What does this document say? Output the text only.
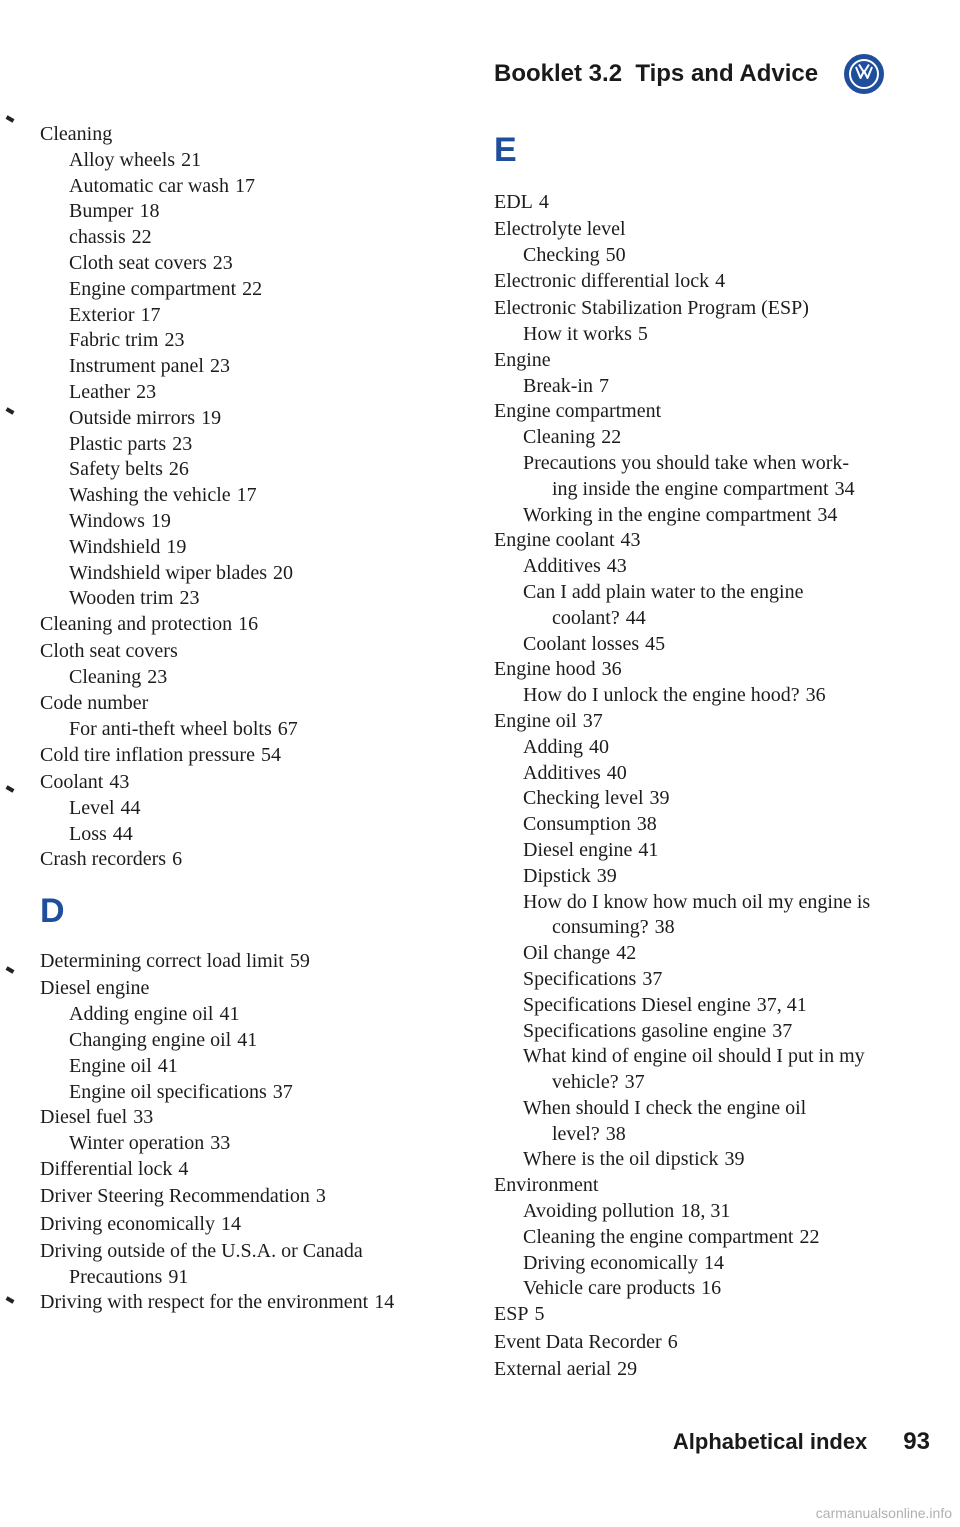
Booklet 3.2  Tips and Advice
Cleaning
Alloy wheels 21
Automatic car wash 17
Bumper 18
chassis 22
Cloth seat covers 23
Engine compartment 22
Exterior 17
Fabric trim 23
Instrument panel 23
Leather 23
Outside mirrors 19
Plastic parts 23
Safety belts 26
Washing the vehicle 17
Windows 19
Windshield 19
Windshield wiper blades 20
Wooden trim 23
Cleaning and protection 16
Cloth seat covers
Cleaning 23
Code number
For anti-theft wheel bolts 67
Cold tire inflation pressure 54
Coolant 43
Level 44
Loss 44
Crash recorders 6
D
Determining correct load limit 59
Diesel engine
Adding engine oil 41
Changing engine oil 41
Engine oil 41
Engine oil specifications 37
Diesel fuel 33
Winter operation 33
Differential lock 4
Driver Steering Recommendation 3
Driving economically 14
Driving outside of the U.S.A. or Canada
Precautions 91
Driving with respect for the environment 14
E
EDL 4
Electrolyte level
Checking 50
Electronic differential lock 4
Electronic Stabilization Program (ESP)
How it works 5
Engine
Break-in 7
Engine compartment
Cleaning 22
Precautions you should take when work-
ing inside the engine compartment 34
Working in the engine compartment 34
Engine coolant 43
Additives 43
Can I add plain water to the engine
coolant? 44
Coolant losses 45
Engine hood 36
How do I unlock the engine hood? 36
Engine oil 37
Adding 40
Additives 40
Checking level 39
Consumption 38
Diesel engine 41
Dipstick 39
How do I know how much oil my engine is
consuming? 38
Oil change 42
Specifications 37
Specifications Diesel engine 37, 41
Specifications gasoline engine 37
What kind of engine oil should I put in my
vehicle? 37
When should I check the engine oil
level? 38
Where is the oil dipstick 39
Environment
Avoiding pollution 18, 31
Cleaning the engine compartment 22
Driving economically 14
Vehicle care products 16
ESP 5
Event Data Recorder 6
External aerial 29
Alphabetical index 93
carmanualsonline.info
